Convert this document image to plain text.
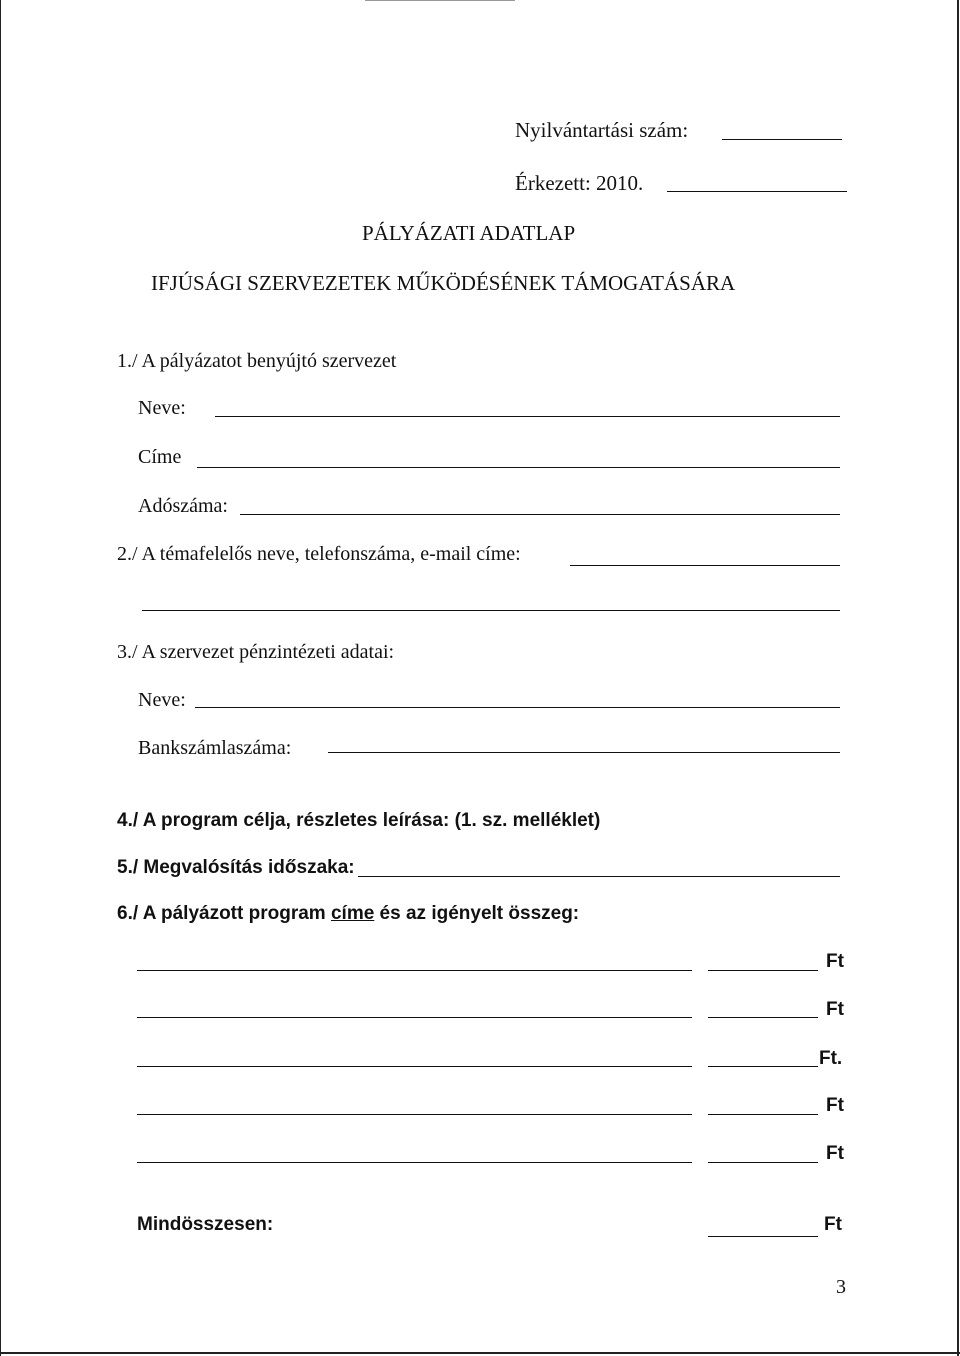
Nyilvántartási szám:
Érkezett: 2010.
PÁLYÁZATI ADATLAP
IFJÚSÁGI SZERVEZETEK MŰKÖDÉSÉNEK TÁMOGATÁSÁRA
1./ A pályázatot benyújtó szervezet
Neve:
Címe
Adószáma:
2./ A témafelelős neve, telefonszáma, e-mail címe:
3./ A szervezet pénzintézeti adatai:
Neve:
Bankszámlaszáma:
4./ A program célja, részletes leírása: (1. sz. melléklet)
5./ Megvalósítás időszaka:
6./ A pályázott program címe és az igényelt összeg:
Ft
Ft
Ft.
Ft
Ft
Mindösszesen:	Ft
3
